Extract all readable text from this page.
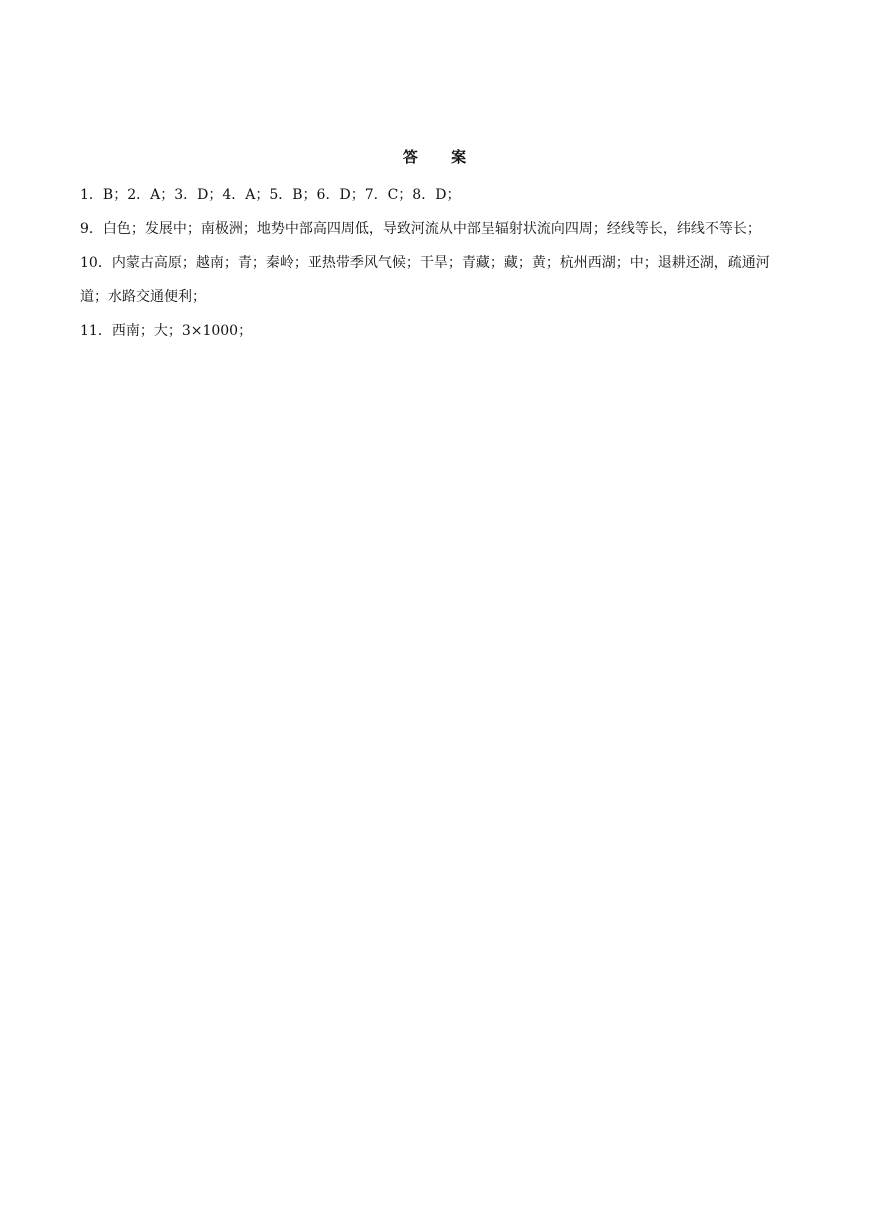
答 案

1．B；2．A；3．D；4．A；5．B；6．D；7．C；8．D；

9．白色；发展中；南极洲；地势中部高四周低，导致河流从中部呈辐射状流向四周；经线等长，纬线不等长；

10．内蒙古高原；越南；青；秦岭；亚热带季风气候；干旱；青藏；藏；黄；杭州西湖；中；退耕还湖，疏通河道；水路交通便利；

11．西南；大；3×1000；
